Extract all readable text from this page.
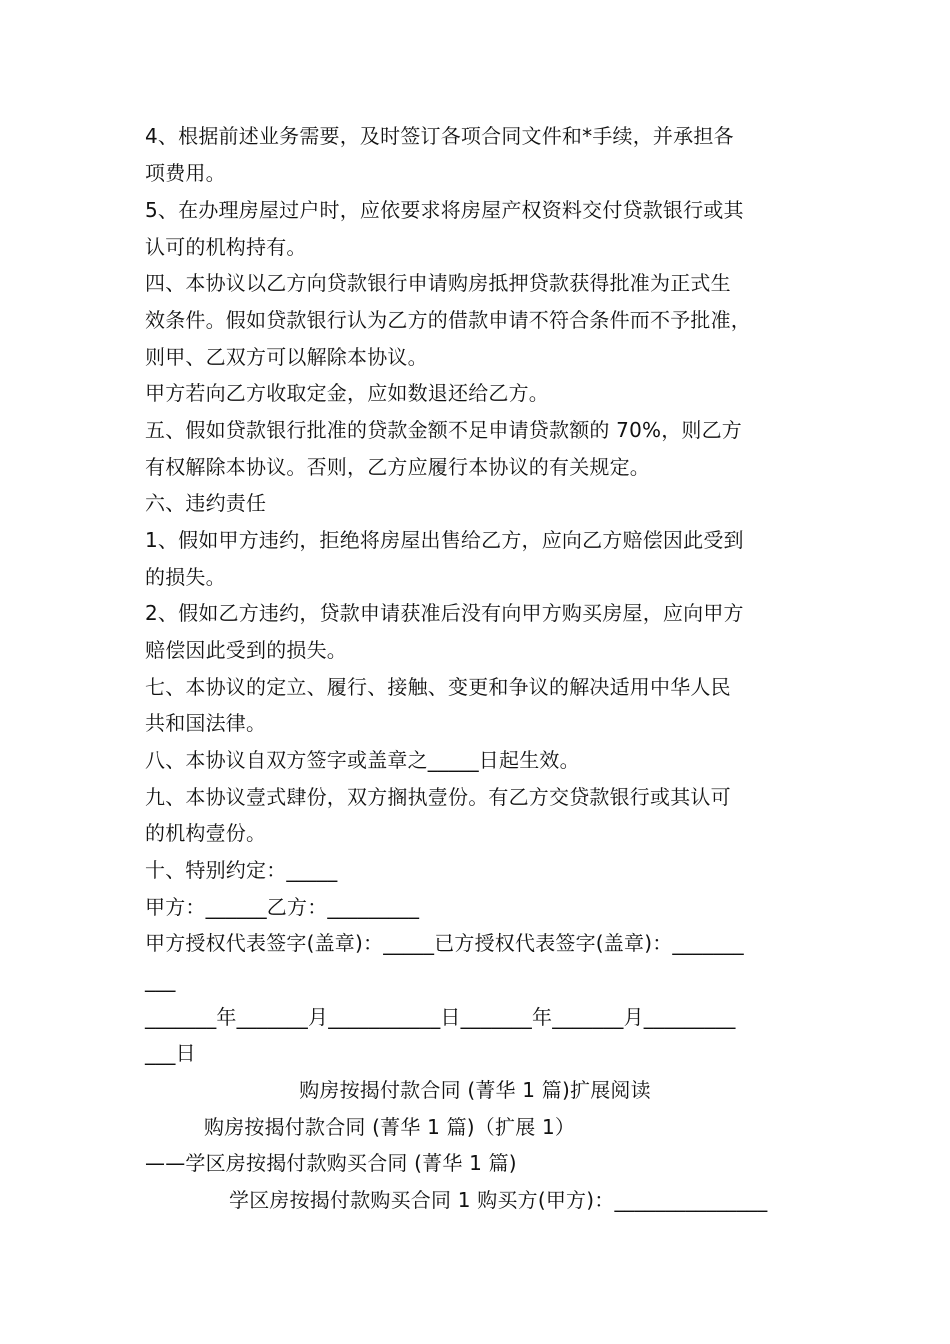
4、根据前述业务需要，及时签订各项合同文件和*手续，并承担各
项费用。
5、在办理房屋过户时，应依要求将房屋产权资料交付贷款银行或其
认可的机构持有。
四、本协议以乙方向贷款银行申请购房抵押贷款获得批准为正式生
效条件。假如贷款银行认为乙方的借款申请不符合条件而不予批准，
则甲、乙双方可以解除本协议。
甲方若向乙方收取定金，应如数退还给乙方。
五、假如贷款银行批准的贷款金额不足申请贷款额的 70%，则乙方
有权解除本协议。否则，乙方应履行本协议的有关规定。
六、违约责任
1、假如甲方违约，拒绝将房屋出售给乙方，应向乙方赔偿因此受到
的损失。
2、假如乙方违约，贷款申请获准后没有向甲方购买房屋，应向甲方
赔偿因此受到的损失。
七、本协议的定立、履行、接触、变更和争议的解决适用中华人民
共和国法律。
八、本协议自双方签字或盖章之_____日起生效。
九、本协议壹式肆份，双方搁执壹份。有乙方交贷款银行或其认可
的机构壹份。
十、特别约定：_____
甲方：______乙方：_________
甲方授权代表签字(盖章)：_____已方授权代表签字(盖章)：_______
___
_______年_______月___________日_______年_______月_________
___日
购房按揭付款合同 (菁华 1 篇)扩展阅读
购房按揭付款合同 (菁华 1 篇)（扩展 1）
——学区房按揭付款购买合同 (菁华 1 篇)
学区房按揭付款购买合同 1 购买方(甲方)：_______________
